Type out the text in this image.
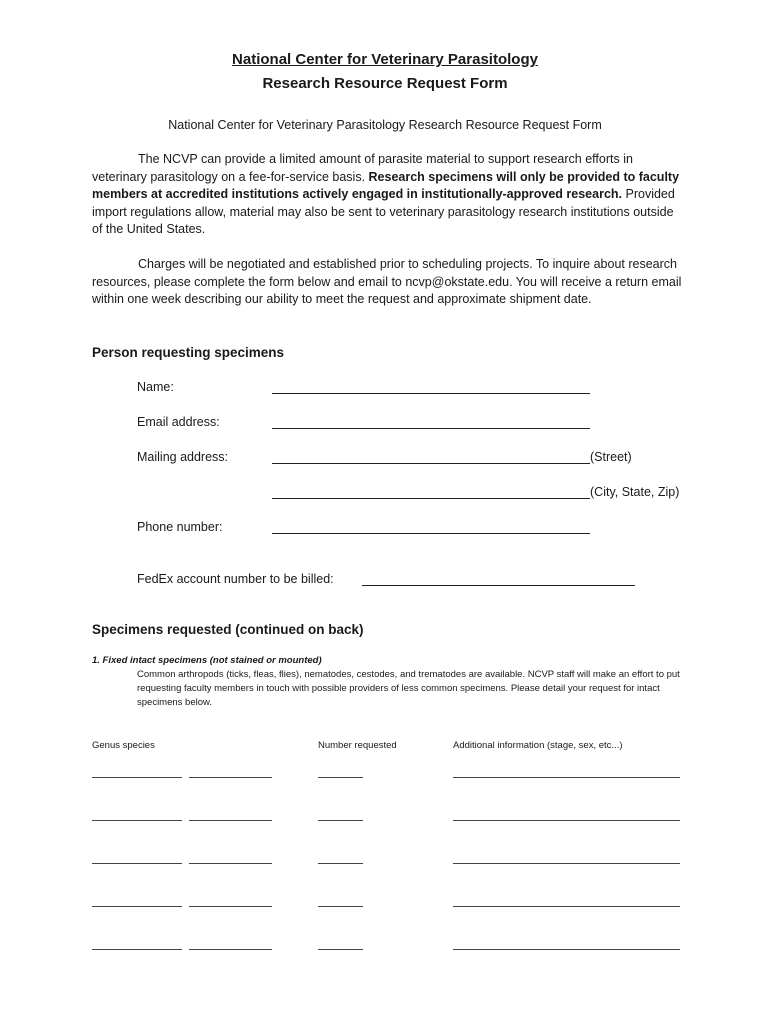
National Center for Veterinary Parasitology
Research Resource Request Form
National Center for Veterinary Parasitology Research Resource Request Form

The NCVP can provide a limited amount of parasite material to support research efforts in veterinary parasitology on a fee-for-service basis. Research specimens will only be provided to faculty members at accredited institutions actively engaged in institutionally-approved research. Provided import regulations allow, material may also be sent to veterinary parasitology research institutions outside of the United States.

Charges will be negotiated and established prior to scheduling projects. To inquire about research resources, please complete the form below and email to ncvp@okstate.edu. You will receive a return email within one week describing our ability to meet the request and approximate shipment date.

Person requesting specimens
Name:
Email address:
Mailing address:	(Street)
(City, State, Zip)
Phone number:
FedEx account number to be billed:
Specimens requested (continued on back)
1. Fixed intact specimens (not stained or mounted)

Common arthropods (ticks, fleas, flies), nematodes, cestodes, and trematodes are available. NCVP staff will make an effort to put requesting faculty members in touch with possible providers of less common specimens. Please detail your request for intact specimens below.

Genus species	Number requested	Additional information (stage, sex, etc...)
